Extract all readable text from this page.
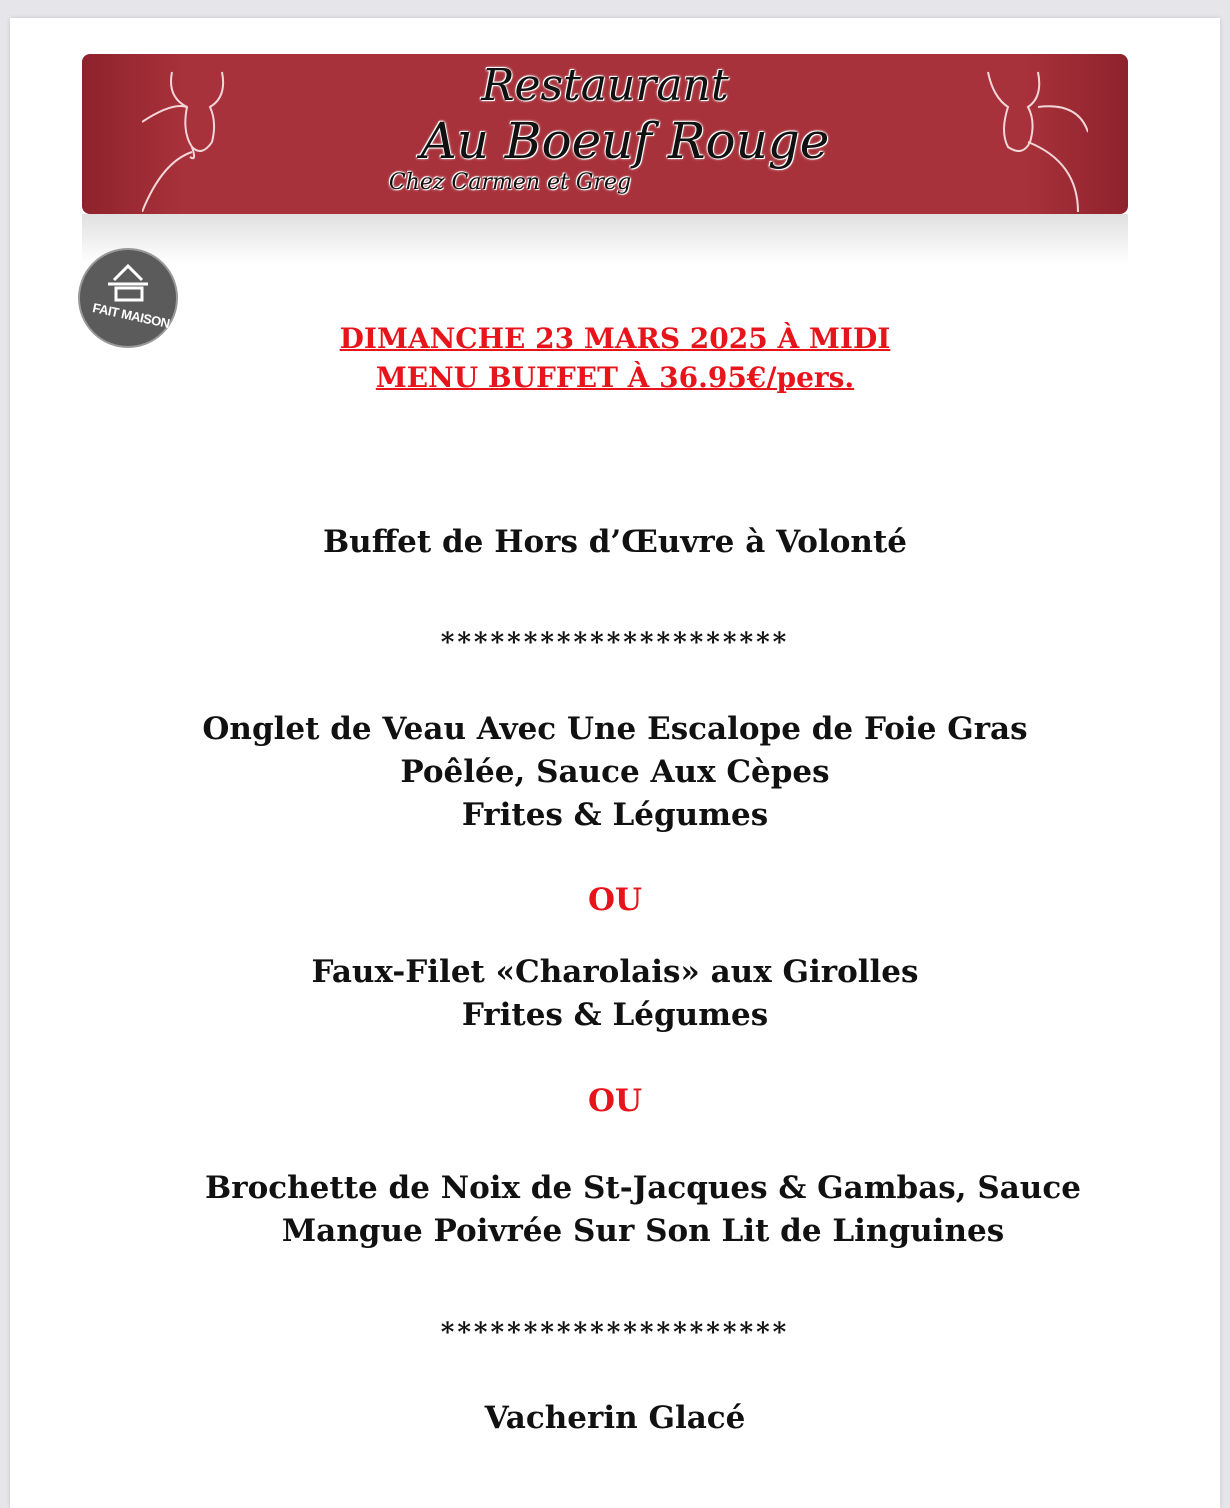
Restaurant
Au Boeuf Rouge
Chez Carmen et Greg
FAIT MAISON
DIMANCHE 23 MARS 2025 À MIDI
MENU BUFFET À 36.95€/pers.
Buffet de Hors d’Œuvre à Volonté
*********************
Onglet de Veau Avec Une Escalope de Foie Gras
Poêlée, Sauce Aux Cèpes
Frites & Légumes
OU
Faux-Filet «Charolais» aux Girolles
Frites & Légumes
OU
Brochette de Noix de St-Jacques & Gambas, Sauce
Mangue Poivrée Sur Son Lit de Linguines
*********************
Vacherin Glacé
